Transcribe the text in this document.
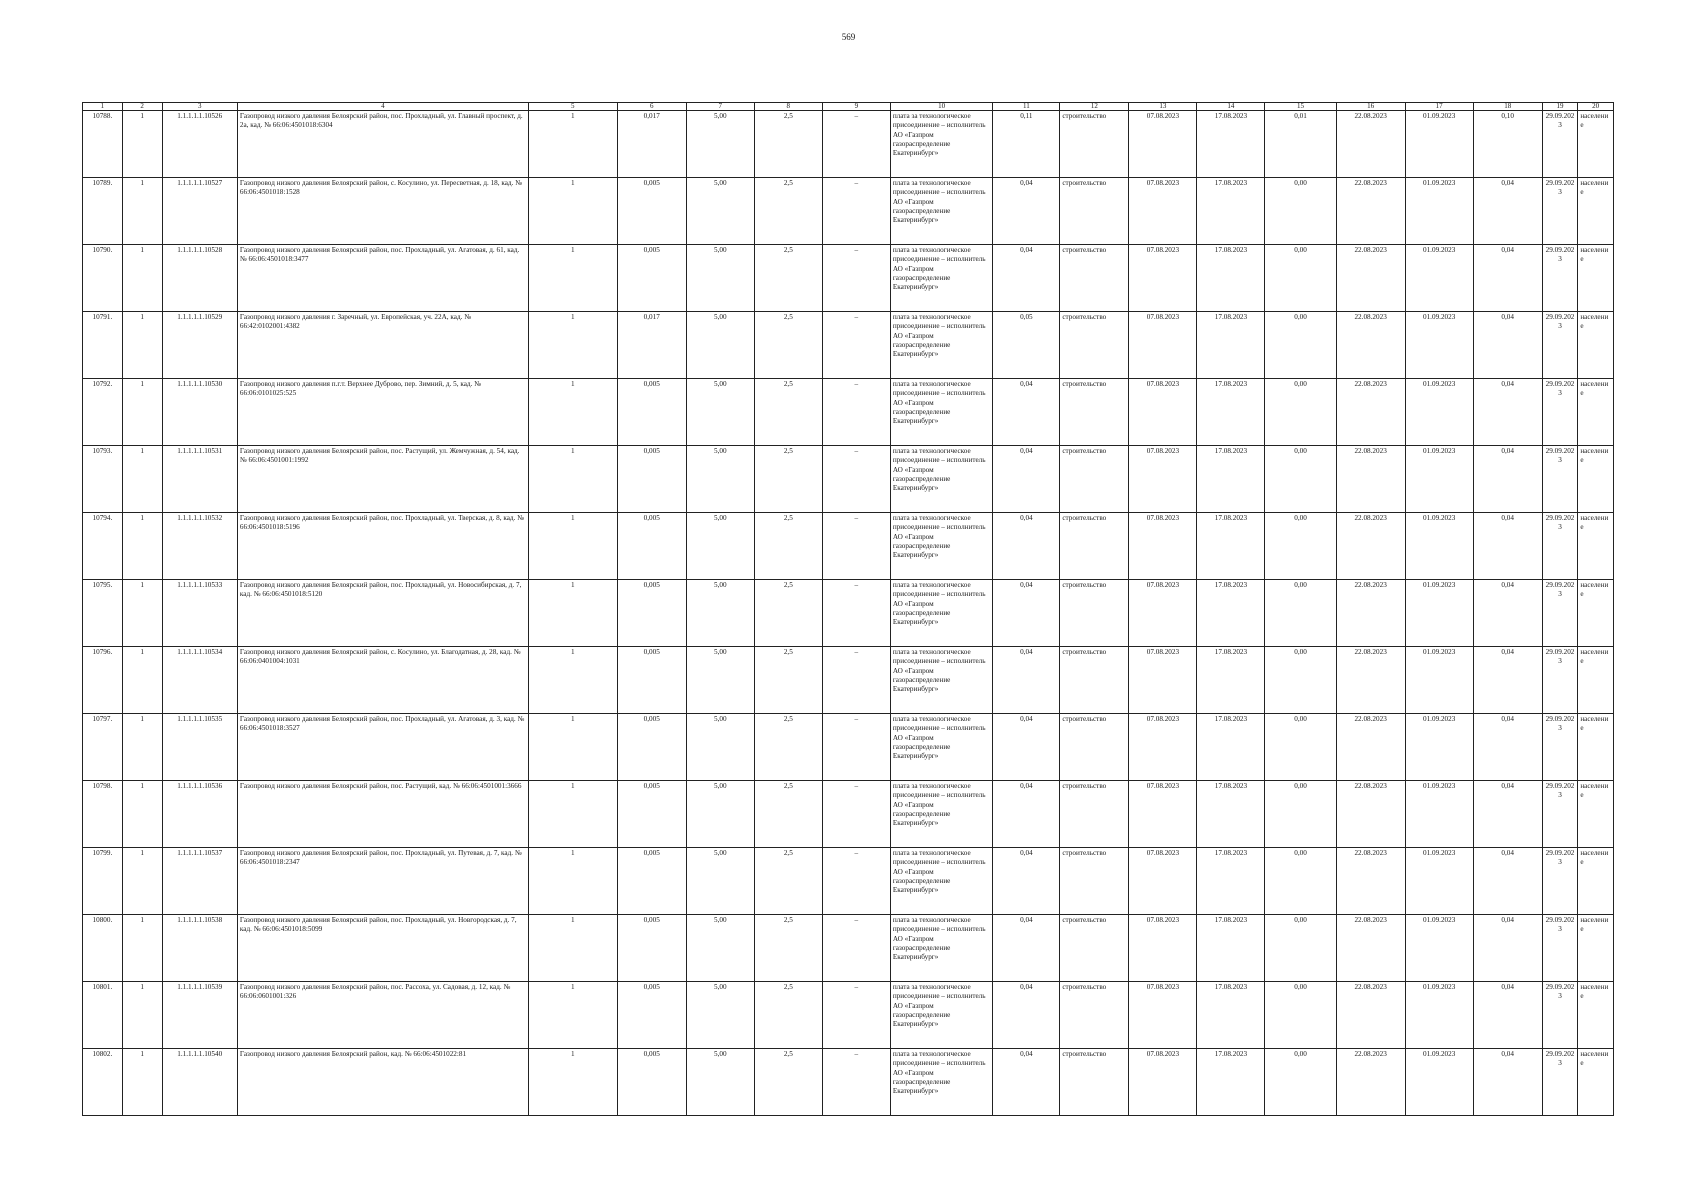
569
1	2	3	4	5	6	7	8	9	10	11	12	13	14	15	16	17	18	19	20
10788.	1	1.1.1.1.1.10526	Газопровод низкого давления Белоярский район, пос. Прохладный, ул. Главный проспект, д. 2а, кад. № 66:06:4501018:6304	1	0,017	5,00	2,5	–	плата за технологическое присоединение – исполнитель АО «Газпром газораспределение Екатеринбург»	0,11	строительство	07.08.2023	17.08.2023	0,01	22.08.2023	01.09.2023	0,10	29.09.2023	население
10789.	1	1.1.1.1.1.10527	Газопровод низкого давления Белоярский район, с. Косулино, ул. Пересветная, д. 18, кад. № 66:06:4501018:1528	1	0,005	5,00	2,5	–	плата за технологическое присоединение – исполнитель АО «Газпром газораспределение Екатеринбург»	0,04	строительство	07.08.2023	17.08.2023	0,00	22.08.2023	01.09.2023	0,04	29.09.2023	население
10790.	1	1.1.1.1.1.10528	Газопровод низкого давления Белоярский район, пос. Прохладный, ул. Агатовая, д. 61, кад. № 66:06:4501018:3477	1	0,005	5,00	2,5	–	плата за технологическое присоединение – исполнитель АО «Газпром газораспределение Екатеринбург»	0,04	строительство	07.08.2023	17.08.2023	0,00	22.08.2023	01.09.2023	0,04	29.09.2023	население
10791.	1	1.1.1.1.1.10529	Газопровод низкого давления г. Заречный, ул. Европейская, уч. 22А, кад. № 66:42:0102001:4382	1	0,017	5,00	2,5	–	плата за технологическое присоединение – исполнитель АО «Газпром газораспределение Екатеринбург»	0,05	строительство	07.08.2023	17.08.2023	0,00	22.08.2023	01.09.2023	0,04	29.09.2023	население
10792.	1	1.1.1.1.1.10530	Газопровод низкого давления п.г.т. Верхнее Дуброво, пер. Зимний, д. 5, кад. № 66:06:0101025:525	1	0,005	5,00	2,5	–	плата за технологическое присоединение – исполнитель АО «Газпром газораспределение Екатеринбург»	0,04	строительство	07.08.2023	17.08.2023	0,00	22.08.2023	01.09.2023	0,04	29.09.2023	население
10793.	1	1.1.1.1.1.10531	Газопровод низкого давления Белоярский район, пос. Растущий, ул. Жемчужная, д. 54, кад. № 66:06:4501001:1992	1	0,005	5,00	2,5	–	плата за технологическое присоединение – исполнитель АО «Газпром газораспределение Екатеринбург»	0,04	строительство	07.08.2023	17.08.2023	0,00	22.08.2023	01.09.2023	0,04	29.09.2023	население
10794.	1	1.1.1.1.1.10532	Газопровод низкого давления Белоярский район, пос. Прохладный, ул. Тверская, д. 8, кад. № 66:06:4501018:5196	1	0,005	5,00	2,5	–	плата за технологическое присоединение – исполнитель АО «Газпром газораспределение Екатеринбург»	0,04	строительство	07.08.2023	17.08.2023	0,00	22.08.2023	01.09.2023	0,04	29.09.2023	население
10795.	1	1.1.1.1.1.10533	Газопровод низкого давления Белоярский район, пос. Прохладный, ул. Новосибирская, д. 7, кад. № 66:06:4501018:5120	1	0,005	5,00	2,5	–	плата за технологическое присоединение – исполнитель АО «Газпром газораспределение Екатеринбург»	0,04	строительство	07.08.2023	17.08.2023	0,00	22.08.2023	01.09.2023	0,04	29.09.2023	население
10796.	1	1.1.1.1.1.10534	Газопровод низкого давления Белоярский район, с. Косулино, ул. Благодатная, д. 28, кад. № 66:06:0401004:1031	1	0,005	5,00	2,5	–	плата за технологическое присоединение – исполнитель АО «Газпром газораспределение Екатеринбург»	0,04	строительство	07.08.2023	17.08.2023	0,00	22.08.2023	01.09.2023	0,04	29.09.2023	население
10797.	1	1.1.1.1.1.10535	Газопровод низкого давления Белоярский район, пос. Прохладный, ул. Агатовая, д. 3, кад. № 66:06:4501018:3527	1	0,005	5,00	2,5	–	плата за технологическое присоединение – исполнитель АО «Газпром газораспределение Екатеринбург»	0,04	строительство	07.08.2023	17.08.2023	0,00	22.08.2023	01.09.2023	0,04	29.09.2023	население
10798.	1	1.1.1.1.1.10536	Газопровод низкого давления Белоярский район, пос. Растущий, кад. № 66:06:4501001:3666	1	0,005	5,00	2,5	–	плата за технологическое присоединение – исполнитель АО «Газпром газораспределение Екатеринбург»	0,04	строительство	07.08.2023	17.08.2023	0,00	22.08.2023	01.09.2023	0,04	29.09.2023	население
10799.	1	1.1.1.1.1.10537	Газопровод низкого давления Белоярский район, пос. Прохладный, ул. Путевая, д. 7, кад. № 66:06:4501018:2347	1	0,005	5,00	2,5	–	плата за технологическое присоединение – исполнитель АО «Газпром газораспределение Екатеринбург»	0,04	строительство	07.08.2023	17.08.2023	0,00	22.08.2023	01.09.2023	0,04	29.09.2023	население
10800.	1	1.1.1.1.1.10538	Газопровод низкого давления Белоярский район, пос. Прохладный, ул. Новгородская, д. 7, кад. № 66:06:4501018:5099	1	0,005	5,00	2,5	–	плата за технологическое присоединение – исполнитель АО «Газпром газораспределение Екатеринбург»	0,04	строительство	07.08.2023	17.08.2023	0,00	22.08.2023	01.09.2023	0,04	29.09.2023	население
10801.	1	1.1.1.1.1.10539	Газопровод низкого давления Белоярский район, пос. Рассоха, ул. Садовая, д. 12, кад. № 66:06:0601001:326	1	0,005	5,00	2,5	–	плата за технологическое присоединение – исполнитель АО «Газпром газораспределение Екатеринбург»	0,04	строительство	07.08.2023	17.08.2023	0,00	22.08.2023	01.09.2023	0,04	29.09.2023	население
10802.	1	1.1.1.1.1.10540	Газопровод низкого давления Белоярский район, кад. № 66:06:4501022:81	1	0,005	5,00	2,5	–	плата за технологическое присоединение – исполнитель АО «Газпром газораспределение Екатеринбург»	0,04	строительство	07.08.2023	17.08.2023	0,00	22.08.2023	01.09.2023	0,04	29.09.2023	население
